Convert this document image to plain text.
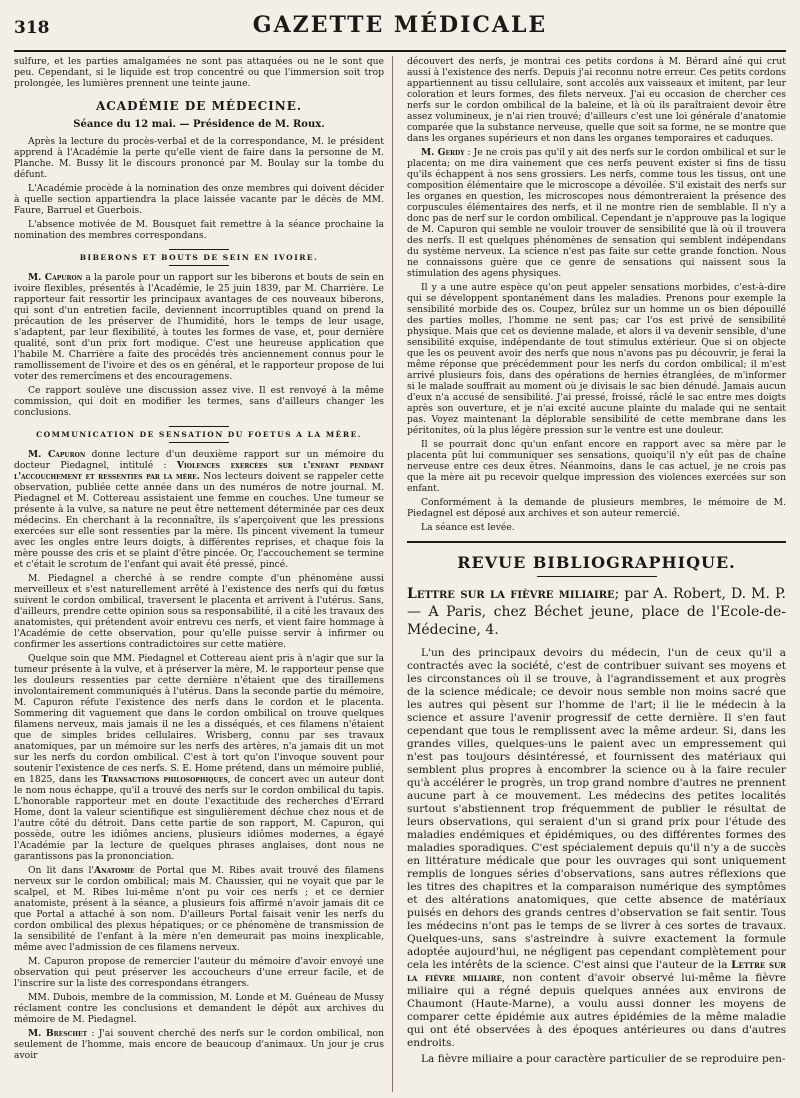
318	GAZETTE MÉDICALE

sulfure, et les parties amalgamées ne sont pas attaquées ou ne le sont que peu. Cependant, si le liquide est trop concentré ou que l'immersion soit trop prolongée, les lumières prennent une teinte jaune.

ACADÉMIE DE MÉDECINE.
Séance du 12 mai. — Présidence de M. Roux.

Après la lecture du procès-verbal et de la correspondance, M. le président apprend à l'Académie la perte qu'elle vient de faire dans la personne de M. Planche. M. Bussy lit le discours prononcé par M. Boulay sur la tombe du défunt.

L'Académie procède à la nomination des onze membres qui doivent décider à quelle section appartiendra la place laissée vacante par le décès de MM. Faure, Barruel et Guerbois.

L'absence motivée de M. Bousquet fait remettre à la séance prochaine la nomination des membres correspondans.

BIBERONS ET BOUTS DE SEIN EN IVOIRE.

M. Capuron a la parole pour un rapport sur les biberons et bouts de sein en ivoire flexibles, présentés à l'Académie, le 25 juin 1839, par M. Charrière. Le rapporteur fait ressortir les principaux avantages de ces nouveaux biberons, qui sont d'un entretien facile, deviennent incorruptibles quand on prend la précaution de les préserver de l'humidité, hors le temps de leur usage, s'adaptent, par leur flexibilité, à toutes les formes de vase, et, pour dernière qualité, sont d'un prix fort modique. C'est une heureuse application que l'habile M. Charrière a faite des procédés très anciennement connus pour le ramollissement de l'ivoire et des os en général, et le rapporteur propose de lui voter des remercîmens et des encouragemens.

Ce rapport soulève une discussion assez vive. Il est renvoyé à la même commission, qui doit en modifier les termes, sans d'ailleurs changer les conclusions.

COMMUNICATION DE SENSATION DU FOETUS A LA MÈRE.

M. Capuron donne lecture d'un deuxième rapport sur un mémoire du docteur Piedagnel, intitulé : Violences exercées sur l'enfant pendant l'accouchement et ressenties par la mère. Nos lecteurs doivent se rappeler cette observation, publiée cette année dans un des numéros de notre journal. M. Piedagnel et M. Cottereau assistaient une femme en couches. Une tumeur se présente à la vulve, sa nature ne peut être nettement déterminée par ces deux médecins. En cherchant à la reconnaître, ils s'aperçoivent que les pressions exercées sur elle sont ressenties par la mère. Ils pincent vivement la tumeur avec les ongles entre leurs doigts, à différentes reprises, et chaque fois la mère pousse des cris et se plaint d'être pincée. Or, l'accouchement se termine et c'était le scrotum de l'enfant qui avait été pressé, pincé.

M. Piedagnel a cherché à se rendre compte d'un phénomène aussi merveilleux et s'est naturellement arrêté à l'existence des nerfs qui du fœtus suivent le cordon ombilical, traversent le placenta et arrivent à l'utérus. Sans, d'ailleurs, prendre cette opinion sous sa responsabilité, il a cité les travaux des anatomistes, qui prétendent avoir entrevu ces nerfs, et vient faire hommage à l'Académie de cette observation, pour qu'elle puisse servir à infirmer ou confirmer les assertions contradictoires sur cette matière.

Quelque soin que MM. Piedagnel et Cottereau aient pris à n'agir que sur la tumeur présente à la vulve, et à préserver la mère, M. le rapporteur pense que les douleurs ressenties par cette dernière n'étaient que des tiraillemens involontairement communiqués à l'utérus. Dans la seconde partie du mémoire, M. Capuron réfute l'existence des nerfs dans le cordon et le placenta. Sommering dit vaguement que dans le cordon ombilical on trouve quelques filamens nerveux, mais jamais il ne les a disséqués, et ces filamens n'étaient que de simples brides cellulaires. Wrisberg, connu par ses travaux anatomiques, par un mémoire sur les nerfs des artères, n'a jamais dit un mot sur les nerfs du cordon ombilical. C'est à tort qu'on l'invoque souvent pour soutenir l'existence de ces nerfs. S. E. Home prétend, dans un mémoire publié, en 1825, dans les Transactions philosophiques, de concert avec un auteur dont le nom nous échappe, qu'il a trouvé des nerfs sur le cordon ombilical du tapis. L'honorable rapporteur met en doute l'exactitude des recherches d'Errard Home, dont la valeur scientifique est singulièrement déchue chez nous et de l'autre côté du détroit. Dans cette partie de son rapport, M. Capuron, qui possède, outre les idiômes anciens, plusieurs idiômes modernes, a égayé l'Académie par la lecture de quelques phrases anglaises, dont nous ne garantissons pas la prononciation.

On lit dans l'Anatomie de Portal que M. Ribes avait trouvé des filamens nerveux sur le cordon ombilical; mais M. Chaussier, qui ne voyait que par le scalpel, et M. Ribes lui-même n'ont pu voir ces nerfs ; et ce dernier anatomiste, présent à la séance, a plusieurs fois affirmé n'avoir jamais dit ce que Portal a attaché à son nom. D'ailleurs Portal faisait venir les nerfs du cordon ombilical des plexus hépatiques; or ce phénomène de transmission de la sensibilité de l'enfant à la mère n'en demeurait pas moins inexplicable, même avec l'admission de ces filamens nerveux.

M. Capuron propose de remercier l'auteur du mémoire d'avoir envoyé une observation qui peut préserver les accoucheurs d'une erreur facile, et de l'inscrire sur la liste des correspondans étrangers.

MM. Dubois, membre de la commission, M. Londe et M. Guéneau de Mussy réclament contre les conclusions et demandent le dépôt aux archives du mémoire de M. Piedagnel.

M. Breschet : J'ai souvent cherché des nerfs sur le cordon ombilical, non seulement de l'homme, mais encore de beaucoup d'animaux. Un jour je crus avoir

découvert des nerfs, je montrai ces petits cordons à M. Bérard aîné qui crut aussi à l'existence des nerfs. Depuis j'ai reconnu notre erreur. Ces petits cordons appartiennent au tissu cellulaire, sont accolés aux vaisseaux et imitent, par leur coloration et leurs formes, des filets nerveux. J'ai eu occasion de chercher ces nerfs sur le cordon ombilical de la baleine, et là où ils paraîtraient devoir être assez volumineux, je n'ai rien trouvé; d'ailleurs c'est une loi générale d'anatomie comparée que la substance nerveuse, quelle que soit sa forme, ne se montre que dans les organes supérieurs et non dans les organes temporaires et caduques.

M. Gerdy : Je ne crois pas qu'il y ait des nerfs sur le cordon ombilical et sur le placenta; on me dira vainement que ces nerfs peuvent exister si fins de tissu qu'ils échappent à nos sens grossiers. Les nerfs, comme tous les tissus, ont une composition élémentaire que le microscope a dévoilée. S'il existait des nerfs sur les organes en question, les microscopes nous démontreraient la présence des corpuscules élémentaires des nerfs, et il ne montre rien de semblable. Il n'y a donc pas de nerf sur le cordon ombilical. Cependant je n'approuve pas la logique de M. Capuron qui semble ne vouloir trouver de sensibilité que là où il trouvera des nerfs. Il est quelques phénomènes de sensation qui semblent indépendans du système nerveux. La science n'est pas faite sur cette grande fonction. Nous ne connaissons guère que ce genre de sensations qui naissent sous la stimulation des agens physiques.

Il y a une autre espèce qu'on peut appeler sensations morbides, c'est-à-dire qui se développent spontanément dans les maladies. Prenons pour exemple la sensibilité morbide des os. Coupez, brûlez sur un homme un os bien dépouillé des parties molles, l'homme ne sent pas; car l'os est privé de sensibilité physique. Mais que cet os devienne malade, et alors il va devenir sensible, d'une sensibilité exquise, indépendante de tout stimulus extérieur. Que si on objecte que les os peuvent avoir des nerfs que nous n'avons pas pu découvrir, je ferai la même réponse que précédemment pour les nerfs du cordon ombilical; il m'est arrivé plusieurs fois, dans des opérations de hernies étranglées, de m'informer si le malade souffrait au moment où je divisais le sac bien dénudé. Jamais aucun d'eux n'a accusé de sensibilité. J'ai pressé, froissé, râclé le sac entre mes doigts après son ouverture, et je n'ai excité aucune plainte du malade qui ne sentait pas. Voyez maintenant la déplorable sensibilité de cette membrane dans les péritonites, où la plus légère pression sur le ventre est une douleur.

Il se pourrait donc qu'un enfant encore en rapport avec sa mère par le placenta pût lui communiquer ses sensations, quoiqu'il n'y eût pas de chaîne nerveuse entre ces deux êtres. Néanmoins, dans le cas actuel, je ne crois pas que la mère ait pu recevoir quelque impression des violences exercées sur son enfant.

Conformément à la demande de plusieurs membres, le mémoire de M. Piedagnel est déposé aux archives et son auteur remercié.

La séance est levée.

REVUE BIBLIOGRAPHIQUE.

Lettre sur la fièvre miliaire; par A. Robert, D. M. P. — A Paris, chez Béchet jeune, place de l'Ecole-de-Médecine, 4.

L'un des principaux devoirs du médecin, l'un de ceux qu'il a contractés avec la société, c'est de contribuer suivant ses moyens et les circonstances où il se trouve, à l'agrandissement et aux progrès de la science médicale; ce devoir nous semble non moins sacré que les autres qui pèsent sur l'homme de l'art; il lie le médecin à la science et assure l'avenir progressif de cette dernière. Il s'en faut cependant que tous le remplissent avec la même ardeur. Si, dans les grandes villes, quelques-uns le paient avec un empressement qui n'est pas toujours désintéressé, et fournissent des matériaux qui semblent plus propres à encombrer la science ou à la faire reculer qu'à accélérer le progrès, un trop grand nombre d'autres ne prennent aucune part à ce mouvement. Les médecins des petites localités surtout s'abstiennent trop fréquemment de publier le résultat de leurs observations, qui seraient d'un si grand prix pour l'étude des maladies endémiques et épidémiques, ou des différentes formes des maladies sporadiques. C'est spécialement depuis qu'il n'y a de succès en littérature médicale que pour les ouvrages qui sont uniquement remplis de longues séries d'observations, sans autres réflexions que les titres des chapitres et la comparaison numérique des symptômes et des altérations anatomiques, que cette absence de matériaux puisés en dehors des grands centres d'observation se fait sentir. Tous les médecins n'ont pas le temps de se livrer à ces sortes de travaux. Quelques-uns, sans s'astreindre à suivre exactement la formule adoptée aujourd'hui, ne négligent pas cependant complètement pour cela les intérêts de la science. C'est ainsi que l'auteur de la Lettre sur la fièvre miliaire, non content d'avoir observé lui-même la fièvre miliaire qui a régné depuis quelques années aux environs de Chaumont (Haute-Marne), a voulu aussi donner les moyens de comparer cette épidémie aux autres épidémies de la même maladie qui ont été observées à des époques antérieures ou dans d'autres endroits.

La fièvre miliaire a pour caractère particulier de se reproduire pen-
